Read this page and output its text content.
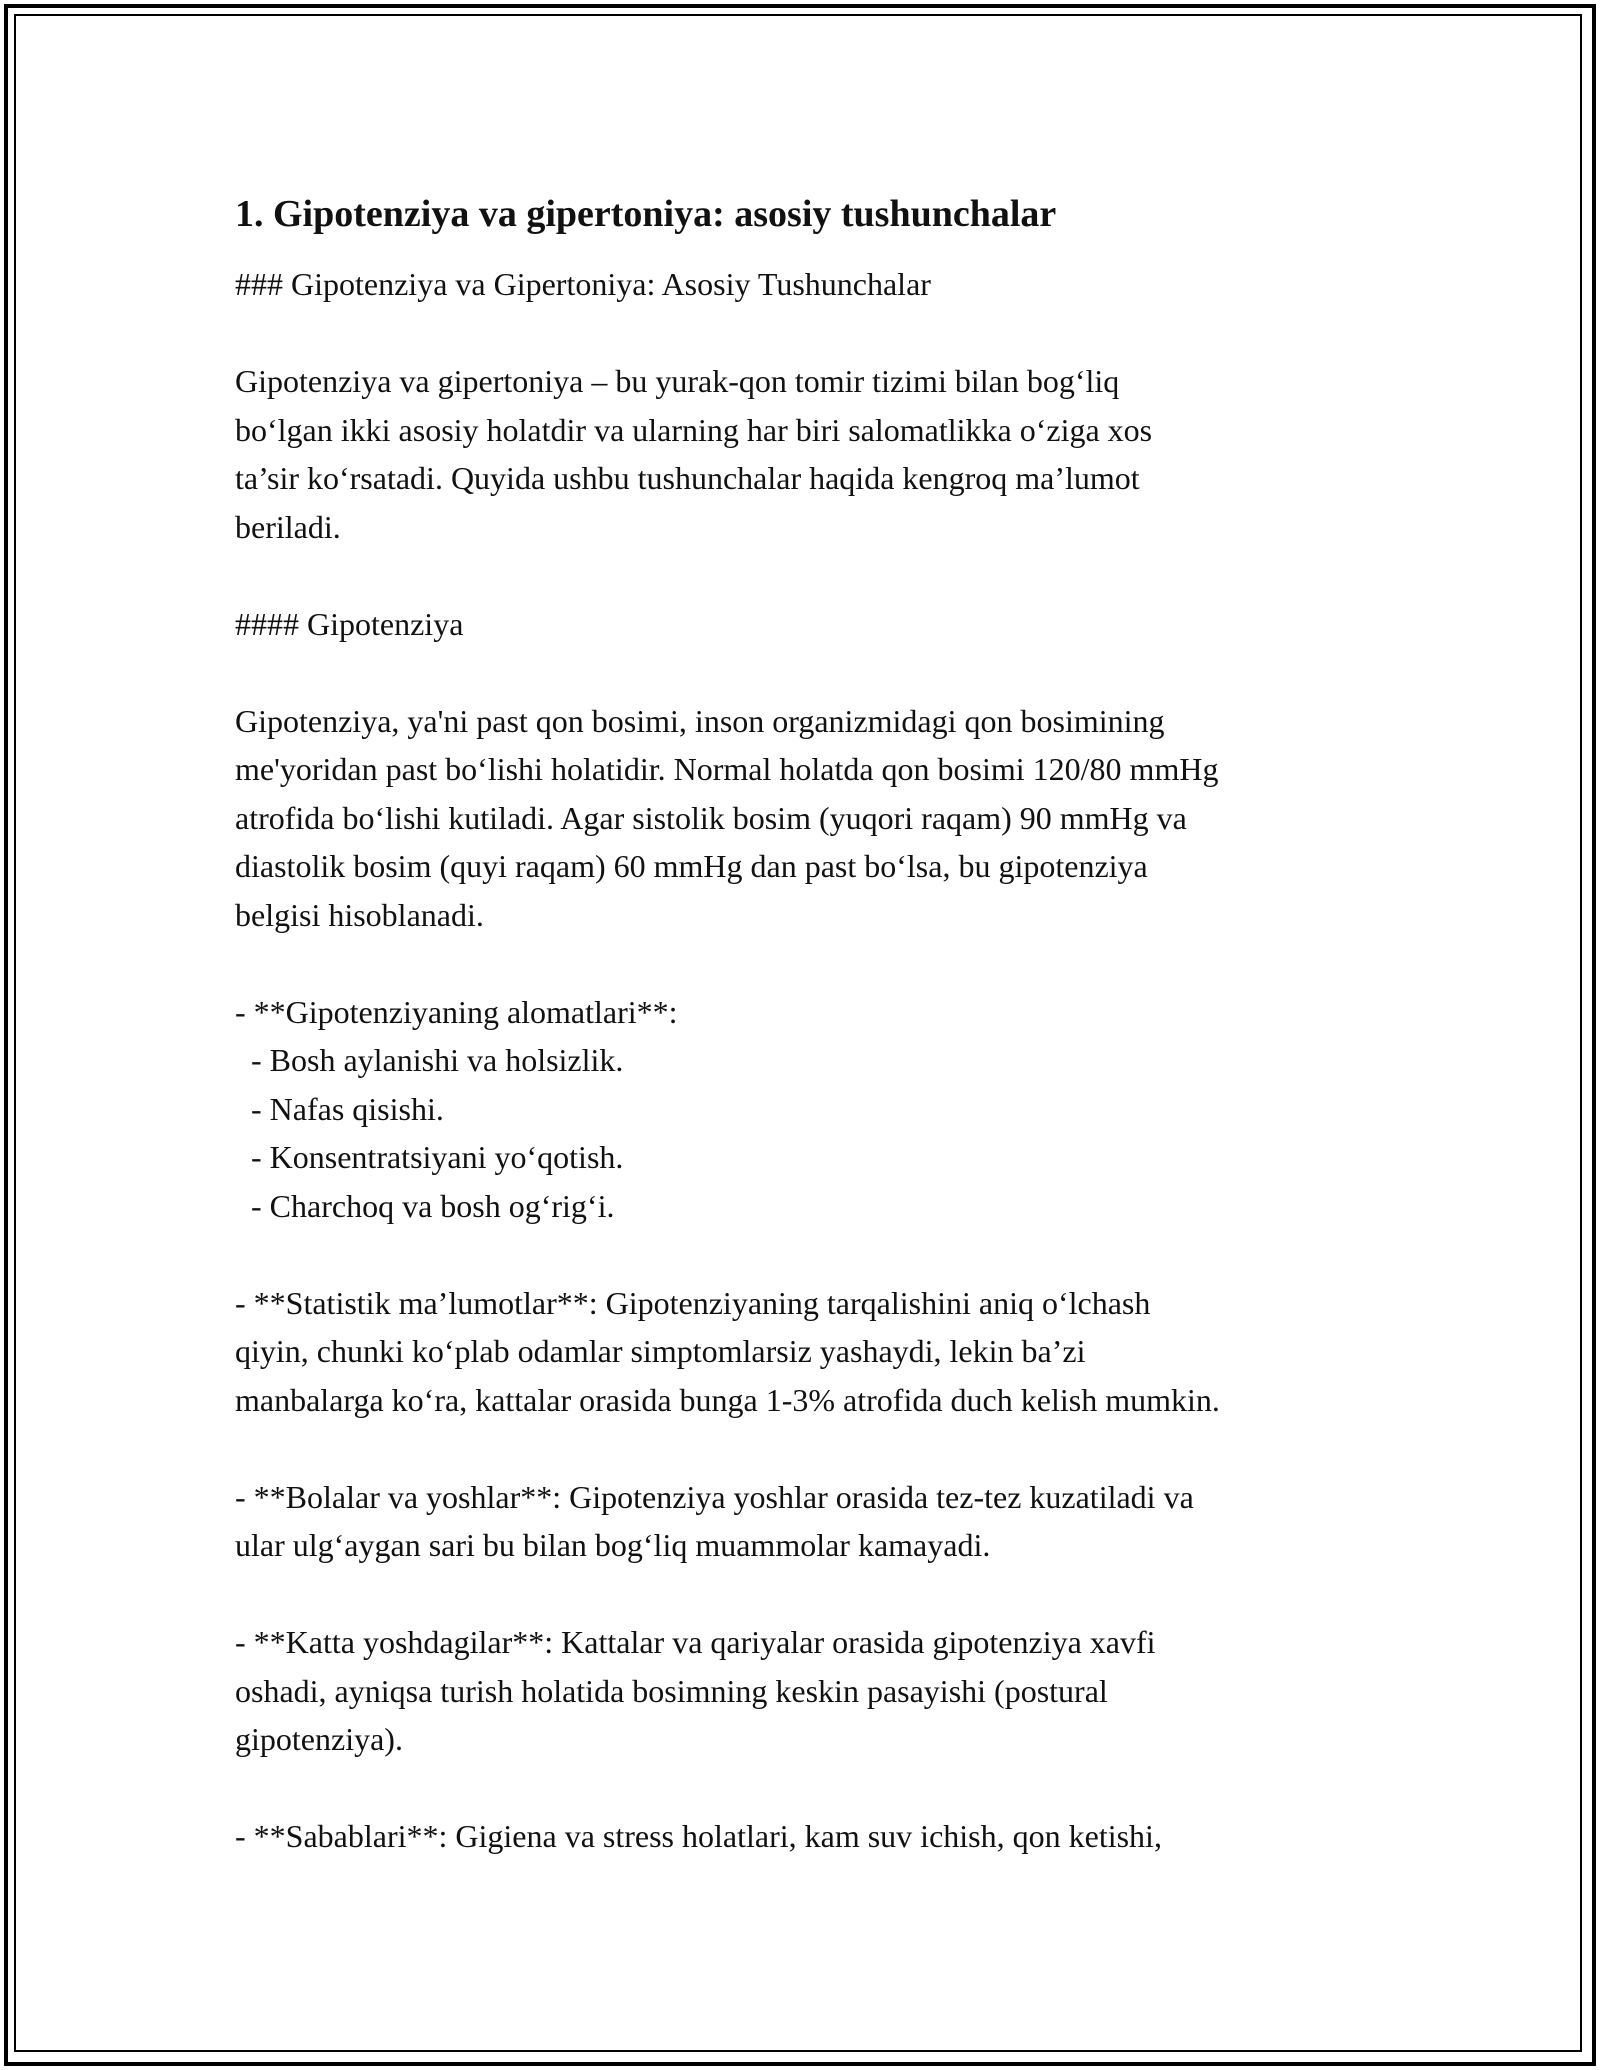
1. Gipotenziya va gipertoniya: asosiy tushunchalar
### Gipotenziya va Gipertoniya: Asosiy Tushunchalar
Gipotenziya va gipertoniya – bu yurak-qon tomir tizimi bilan bog‘liq
bo‘lgan ikki asosiy holatdir va ularning har biri salomatlikka o‘ziga xos
ta’sir ko‘rsatadi. Quyida ushbu tushunchalar haqida kengroq ma’lumot
beriladi.
#### Gipotenziya
Gipotenziya, ya'ni past qon bosimi, inson organizmidagi qon bosimining
me'yoridan past bo‘lishi holatidir. Normal holatda qon bosimi 120/80 mmHg
atrofida bo‘lishi kutiladi. Agar sistolik bosim (yuqori raqam) 90 mmHg va
diastolik bosim (quyi raqam) 60 mmHg dan past bo‘lsa, bu gipotenziya
belgisi hisoblanadi.
- **Gipotenziyaning alomatlari**:
- Bosh aylanishi va holsizlik.
- Nafas qisishi.
- Konsentratsiyani yo‘qotish.
- Charchoq va bosh og‘rig‘i.
- **Statistik ma’lumotlar**: Gipotenziyaning tarqalishini aniq o‘lchash
qiyin, chunki ko‘plab odamlar simptomlarsiz yashaydi, lekin ba’zi
manbalarga ko‘ra, kattalar orasida bunga 1-3% atrofida duch kelish mumkin.
- **Bolalar va yoshlar**: Gipotenziya yoshlar orasida tez-tez kuzatiladi va
ular ulg‘aygan sari bu bilan bog‘liq muammolar kamayadi.
- **Katta yoshdagilar**: Kattalar va qariyalar orasida gipotenziya xavfi
oshadi, ayniqsa turish holatida bosimning keskin pasayishi (postural
gipotenziya).
- **Sabablari**: Gigiena va stress holatlari, kam suv ichish, qon ketishi,
